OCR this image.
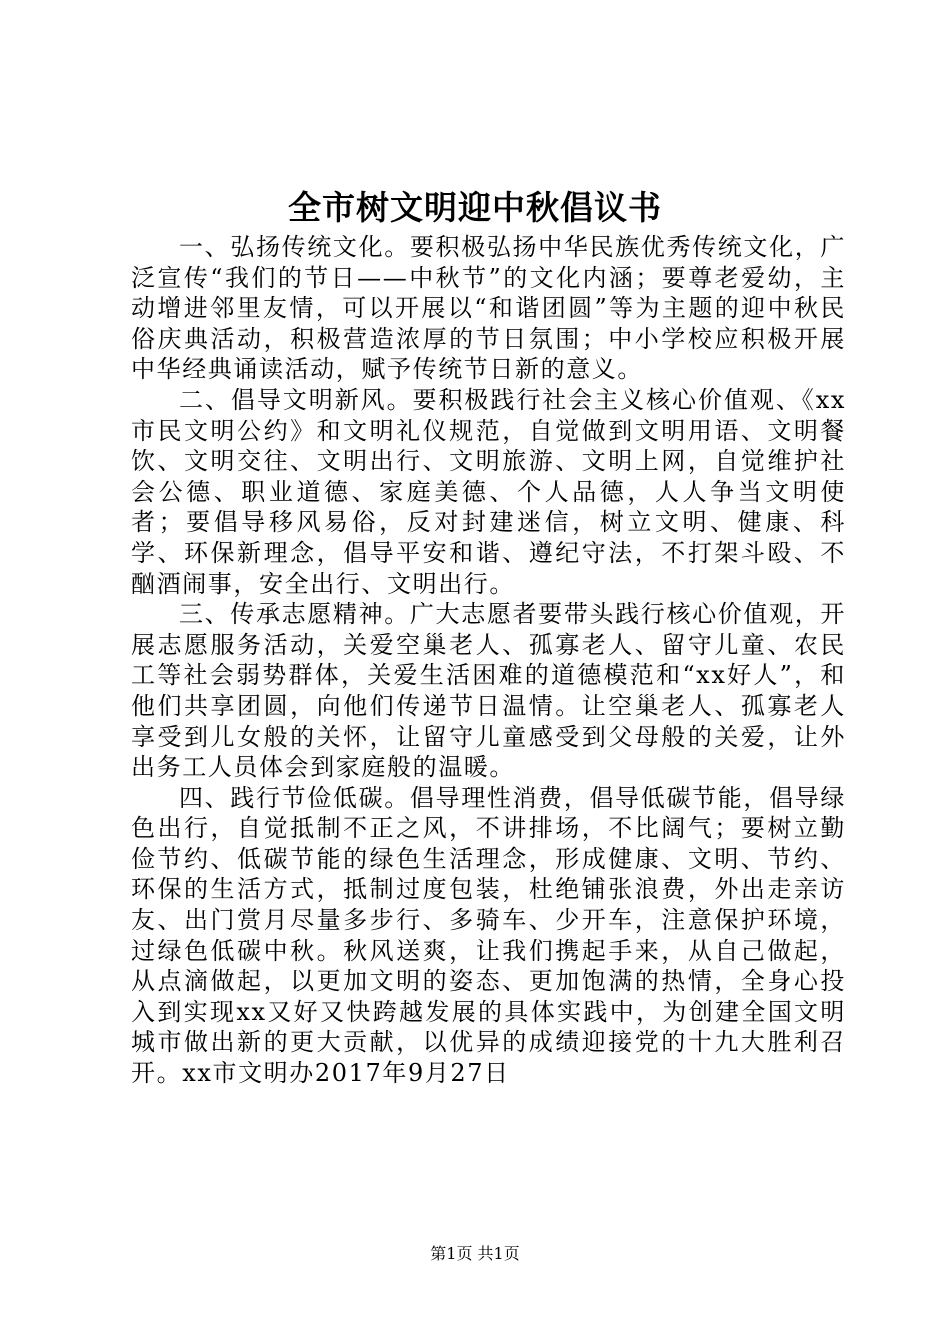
全市树文明迎中秋倡议书

一、弘扬传统文化。要积极弘扬中华民族优秀传统文化，广泛宣传“我们的节日——中秋节”的文化内涵；要尊老爱幼，主动增进邻里友情，可以开展以“和谐团圆”等为主题的迎中秋民俗庆典活动，积极营造浓厚的节日氛围；中小学校应积极开展中华经典诵读活动，赋予传统节日新的意义。

二、倡导文明新风。要积极践行社会主义核心价值观、《xx市民文明公约》和文明礼仪规范，自觉做到文明用语、文明餐饮、文明交往、文明出行、文明旅游、文明上网，自觉维护社会公德、职业道德、家庭美德、个人品德，人人争当文明使者；要倡导移风易俗，反对封建迷信，树立文明、健康、科学、环保新理念，倡导平安和谐、遵纪守法，不打架斗殴、不酗酒闹事，安全出行、文明出行。

三、传承志愿精神。广大志愿者要带头践行核心价值观，开展志愿服务活动，关爱空巢老人、孤寡老人、留守儿童、农民工等社会弱势群体，关爱生活困难的道德模范和“xx好人”，和他们共享团圆，向他们传递节日温情。让空巢老人、孤寡老人享受到儿女般的关怀，让留守儿童感受到父母般的关爱，让外出务工人员体会到家庭般的温暖。

四、践行节俭低碳。倡导理性消费，倡导低碳节能，倡导绿色出行，自觉抵制不正之风，不讲排场，不比阔气；要树立勤俭节约、低碳节能的绿色生活理念，形成健康、文明、节约、环保的生活方式，抵制过度包装，杜绝铺张浪费，外出走亲访友、出门赏月尽量多步行、多骑车、少开车，注意保护环境，过绿色低碳中秋。秋风送爽，让我们携起手来，从自己做起，从点滴做起，以更加文明的姿态、更加饱满的热情，全身心投入到实现xx又好又快跨越发展的具体实践中，为创建全国文明城市做出新的更大贡献，以优异的成绩迎接党的十九大胜利召开。xx市文明办2017年9月27日

第1页 共1页
